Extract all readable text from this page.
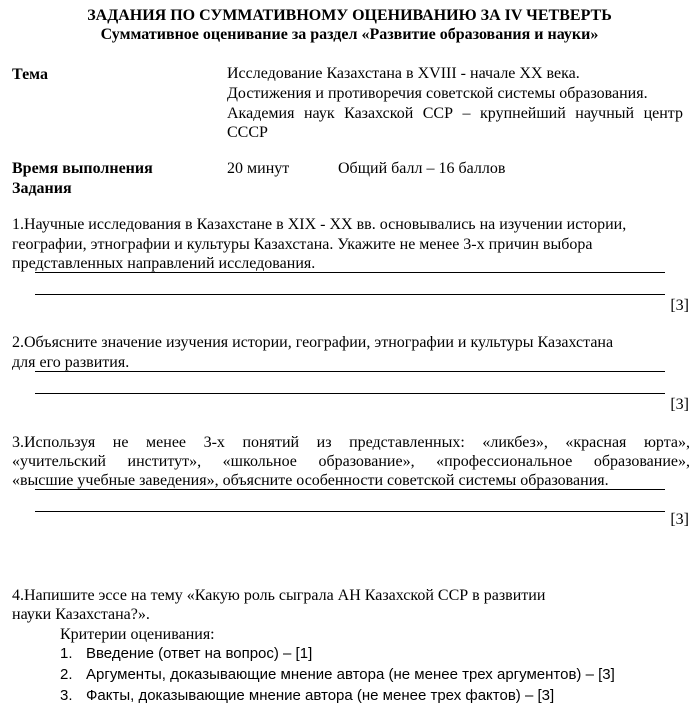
ЗАДАНИЯ ПО СУММАТИВНОМУ ОЦЕНИВАНИЮ ЗА IV ЧЕТВЕРТЬ
Суммативное оценивание за раздел «Развитие образования и науки»
Тема	Исследование Казахстана в XVIII - начале XX века.
Достижения и противоречия советской системы образования.
Академия наук Казахской ССР – крупнейший научный центр
СССР
Время выполнения
Задания
20 минут	Общий балл – 16 баллов
1.Научные исследования в Казахстане в XIX - XX вв. основывались на изучении истории,
географии, этнографии и культуры Казахстана. Укажите не менее 3-х причин выбора
представленных направлений исследования.
[3]
2.Объясните значение изучения истории, географии, этнографии и культуры Казахстана
для его развития.
[3]
3.Используя не менее 3-х понятий из представленных: «ликбез», «красная юрта»,
«учительский институт», «школьное образование», «профессиональное образование»,
«высшие учебные заведения», объясните особенности советской системы образования.
[3]
4.Напишите эссе на тему «Какую роль сыграла АН Казахской ССР в развитии
науки Казахстана?».
Критерии оценивания:
1. Введение (ответ на вопрос) – [1]
2. Аргументы, доказывающие мнение автора (не менее трех аргументов) – [3]
3. Факты, доказывающие мнение автора (не менее трех фактов) – [3]
